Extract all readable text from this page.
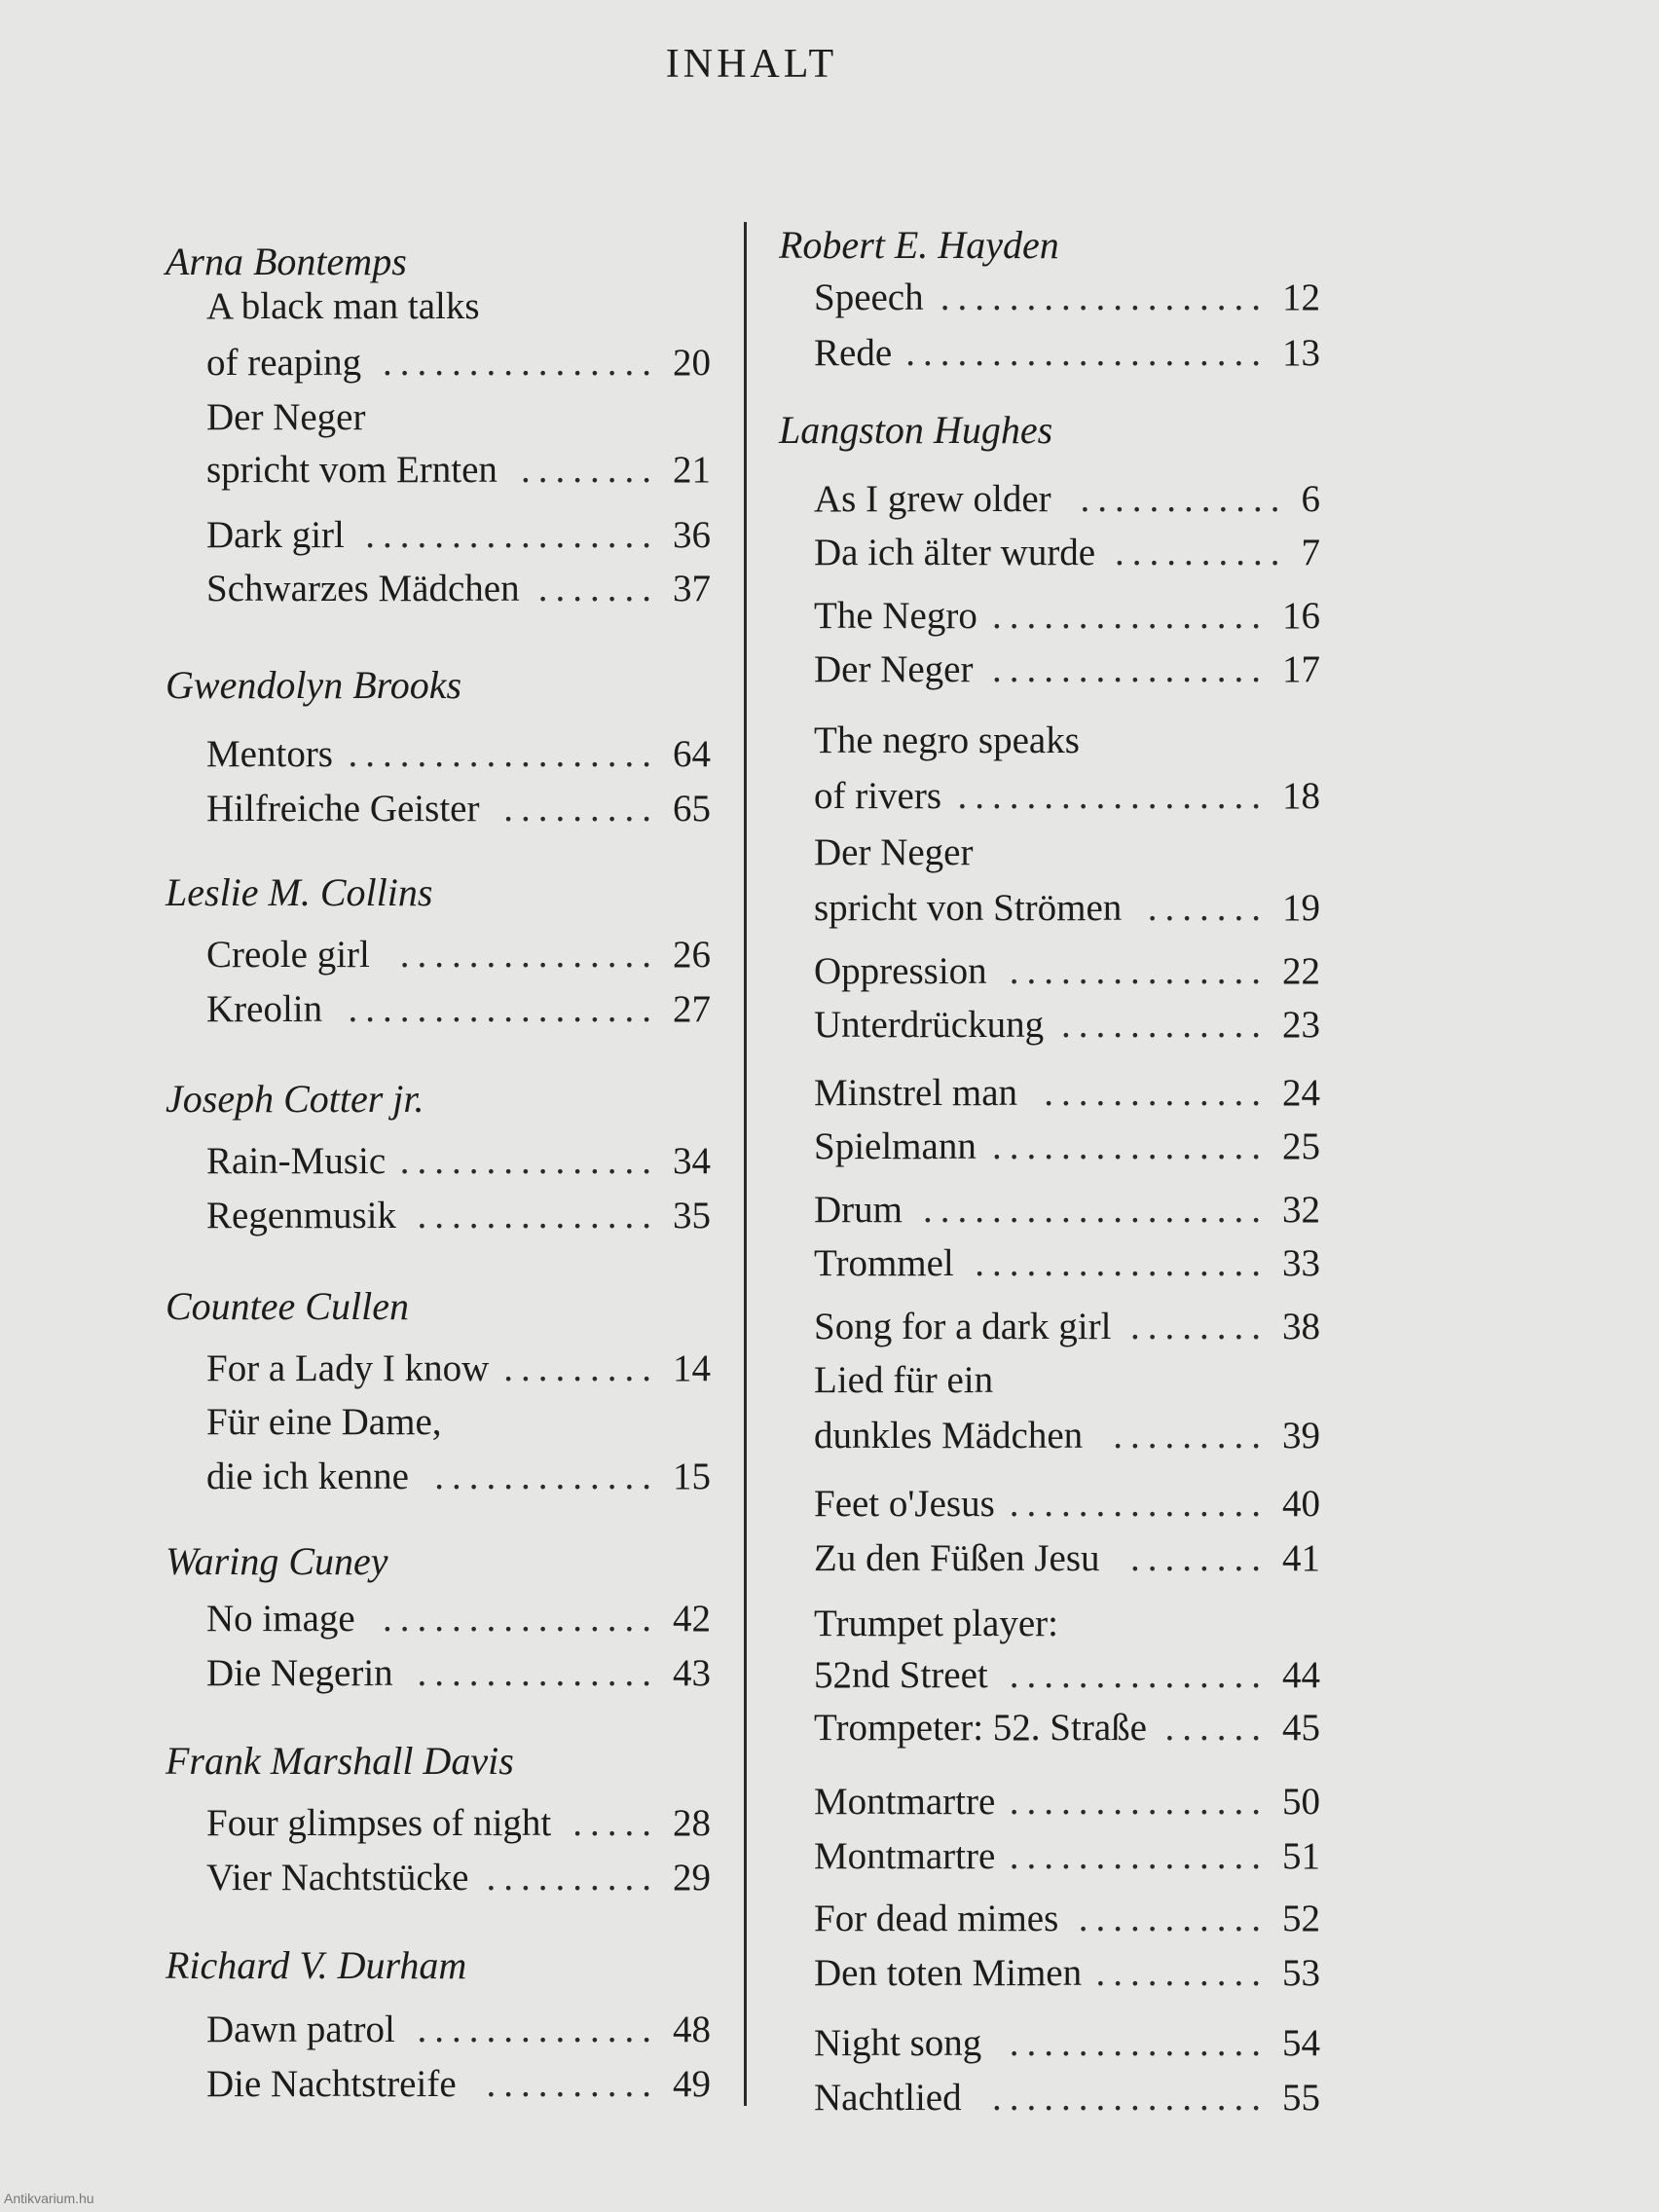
INHALT
Arna Bontemps
A black man talks
of reaping ................ 20
Der Neger
spricht vom Ernten ........ 21
Dark girl ................. 36
Schwarzes Mädchen ....... 37
Gwendolyn Brooks
Mentors .................. 64
Hilfreiche Geister ......... 65
Leslie M. Collins
Creole girl ............... 26
Kreolin .................. 27
Joseph Cotter jr.
Rain-Music ............... 34
Regenmusik .............. 35
Countee Cullen
For a Lady I know ......... 14
Für eine Dame,
die ich kenne ............. 15
Waring Cuney
No image ................ 42
Die Negerin .............. 43
Frank Marshall Davis
Four glimpses of night ..... 28
Vier Nachtstücke .......... 29
Richard V. Durham
Dawn patrol .............. 48
Die Nachtstreife .......... 49
Robert E. Hayden
Speech ................... 12
Rede ..................... 13
Langston Hughes
As I grew older ............ 6
Da ich älter wurde .......... 7
The Negro ................ 16
Der Neger ................ 17
The negro speaks
of rivers .................. 18
Der Neger
spricht von Strömen ....... 19
Oppression ............... 22
Unterdrückung ............ 23
Minstrel man ............. 24
Spielmann ................ 25
Drum .................... 32
Trommel ................. 33
Song for a dark girl ........ 38
Lied für ein
dunkles Mädchen ......... 39
Feet o'Jesus ............... 40
Zu den Füßen Jesu ........ 41
Trumpet player:
52nd Street ............... 44
Trompeter: 52. Straße ...... 45
Montmartre ............... 50
Montmartre ............... 51
For dead mimes ........... 52
Den toten Mimen .......... 53
Night song ............... 54
Nachtlied ................ 55
Antikvarium.hu
